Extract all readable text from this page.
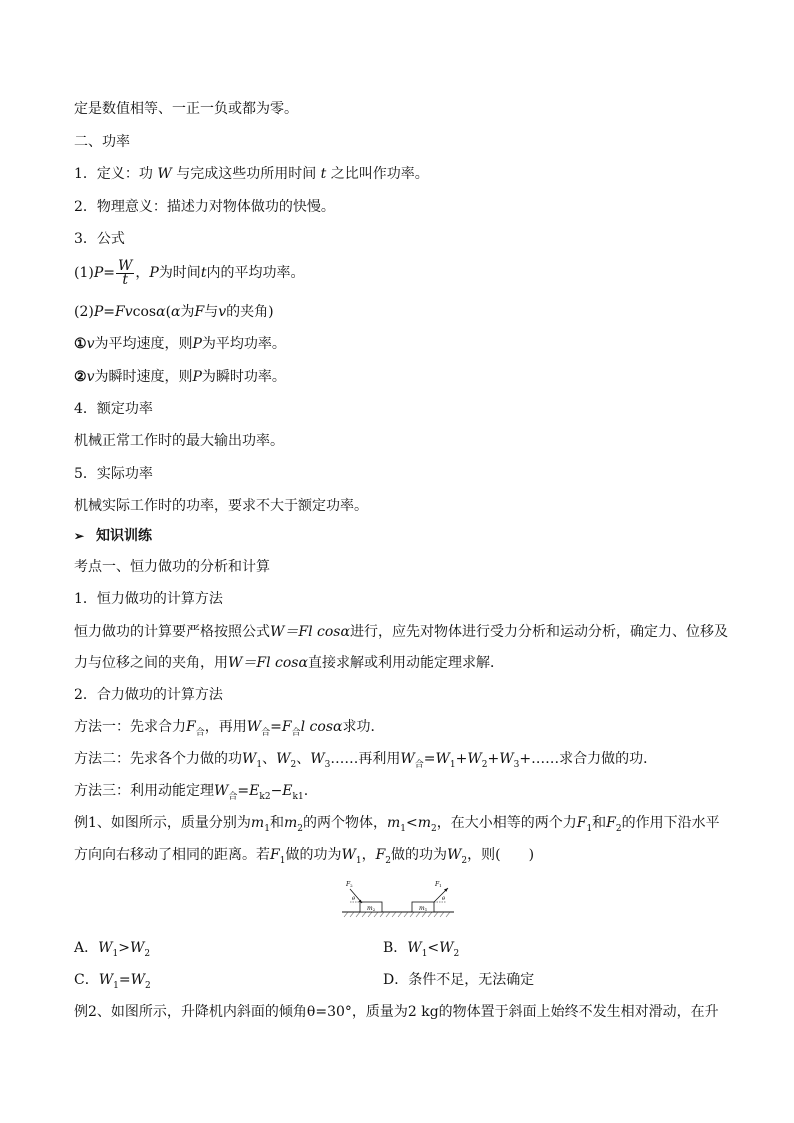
定是数值相等、一正一负或都为零。
二、功率
1．定义：功 W 与完成这些功所用时间 t 之比叫作功率。
2．物理意义：描述力对物体做功的快慢。
3．公式
$(1)P= \frac{W}{t}$ ，P为时间t内的平均功率。
(2)P=Fvcosα(α为F与v的夹角)
①v为平均速度，则P为平均功率。
②v为瞬时速度，则P为瞬时功率。
4．额定功率
机械正常工作时的最大输出功率。
5．实际功率
机械实际工作时的功率，要求不大于额定功率。
➢ 知识训练
考点一、恒力做功的分析和计算
1．恒力做功的计算方法
恒力做功的计算要严格按照公式W＝Fl cosα进行，应先对物体进行受力分析和运动分析，确定力、位移及
力与位移之间的夹角，用W＝Fl cosα直接求解或利用动能定理求解．
2．合力做功的计算方法
方法一：先求合力$F_合$，再用$W_合=F_合l$ cosα求功．
方法二：先求各个力做的功$W_1$、$W_2$、$W_3\dots\dots$再利用$W_合=W_1+W_2+W_3+\dots\dots$求合力做的功．
方法三：利用动能定理$W_合=E_{k2}-E_{k1}$.
例1、如图所示，质量分别为$m_1$和$m_2$的两个物体，$m_1<m_2$，在大小相等的两个力$F_1$和$F_2$的作用下沿水平
方向向右移动了相同的距离。若$F_1$做的功为$W_1$，$F_2$做的功为$W_2$，则(　　)
m2
F2
θ
m1
F1
θ
A．$W_1>W_2$	B．$W_1<W_2$
C．$W_1=W_2$	D．条件不足，无法确定
例2、如图所示，升降机内斜面的倾角θ=30°，质量为2 kg的物体置于斜面上始终不发生相对滑动，在升
